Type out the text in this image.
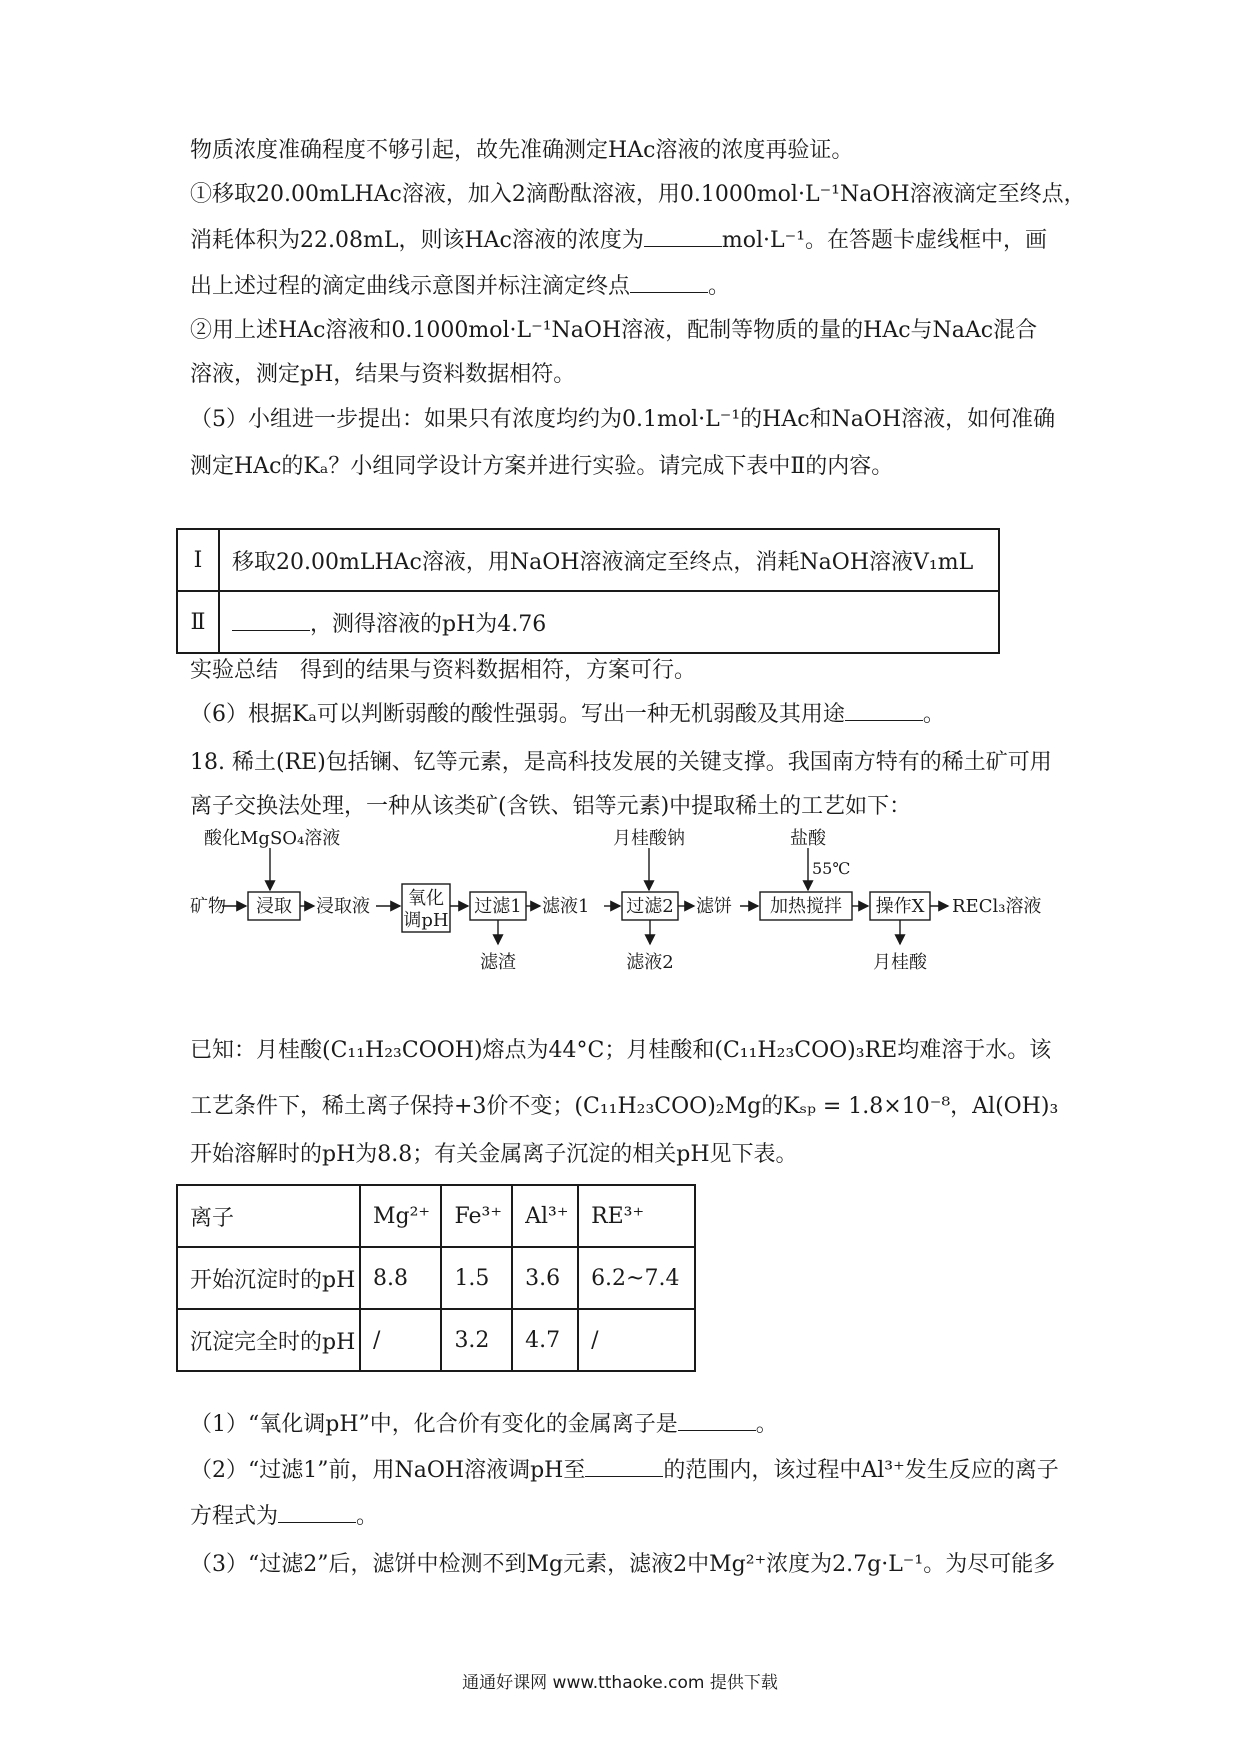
物质浓度准确程度不够引起，故先准确测定HAc溶液的浓度再验证。
①移取20.00mLHAc溶液，加入2滴酚酞溶液，用0.1000mol·L⁻¹NaOH溶液滴定至终点，
消耗体积为22.08mL，则该HAc溶液的浓度为	mol·L⁻¹。在答题卡虚线框中，画
出上述过程的滴定曲线示意图并标注滴定终点	。
②用上述HAc溶液和0.1000mol·L⁻¹NaOH溶液，配制等物质的量的HAc与NaAc混合
溶液，测定pH，结果与资料数据相符。
（5）小组进一步提出：如果只有浓度均约为0.1mol·L⁻¹的HAc和NaOH溶液，如何准确
测定HAc的Kₐ？小组同学设计方案并进行实验。请完成下表中Ⅱ的内容。
Ⅰ	移取20.00mLHAc溶液，用NaOH溶液滴定至终点，消耗NaOH溶液V₁mL
Ⅱ	，测得溶液的pH为4.76
实验总结　得到的结果与资料数据相符，方案可行。
（6）根据Kₐ可以判断弱酸的酸性强弱。写出一种无机弱酸及其用途	。
18. 稀土(RE)包括镧、钇等元素，是高科技发展的关键支撑。我国南方特有的稀土矿可用
离子交换法处理，一种从该类矿(含铁、铝等元素)中提取稀土的工艺如下：
矿物
酸化MgSO₄溶液
浸取 浸取液 氧化
调pH
过滤1
滤渣
滤液1
月桂酸钠
过滤2
滤液2
滤饼
盐酸
55℃
加热搅拌 操作X RECl₃溶液
月桂酸
已知：月桂酸(C₁₁H₂₃COOH)熔点为44°C；月桂酸和(C₁₁H₂₃COO)₃RE均难溶于水。该
工艺条件下，稀土离子保持+3价不变；(C₁₁H₂₃COO)₂Mg的Kₛₚ = 1.8×10⁻⁸，Al(OH)₃
开始溶解时的pH为8.8；有关金属离子沉淀的相关pH见下表。
离子	Mg²⁺	Fe³⁺	Al³⁺	RE³⁺
开始沉淀时的pH	8.8	1.5	3.6	6.2~7.4
沉淀完全时的pH	/	3.2	4.7	/
（1）“氧化调pH”中，化合价有变化的金属离子是	。
（2）“过滤1”前，用NaOH溶液调pH至	的范围内，该过程中Al³⁺发生反应的离子
方程式为	。
（3）“过滤2”后，滤饼中检测不到Mg元素，滤液2中Mg²⁺浓度为2.7g·L⁻¹。为尽可能多
通通好课网 www.tthaoke.com 提供下载
